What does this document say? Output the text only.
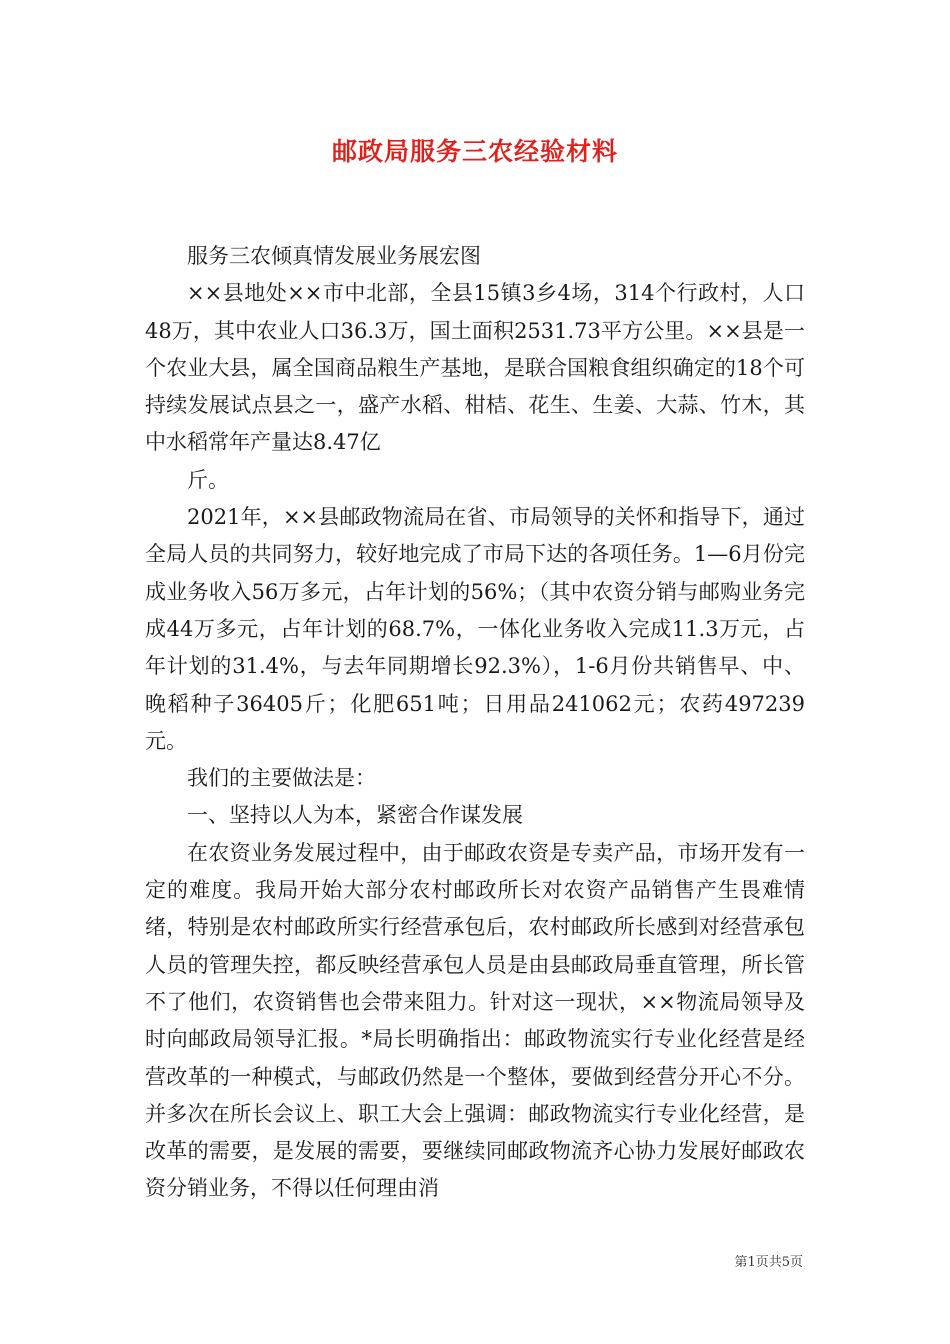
邮政局服务三农经验材料

服务三农倾真情发展业务展宏图

××县地处××市中北部，全县15镇3乡4场，314个行政村，人口48万，其中农业人口36.3万，国土面积2531.73平方公里。××县是一个农业大县，属全国商品粮生产基地，是联合国粮食组织确定的18个可持续发展试点县之一，盛产水稻、柑桔、花生、生姜、大蒜、竹木，其中水稻常年产量达8.47亿

斤。

2021年，××县邮政物流局在省、市局领导的关怀和指导下，通过全局人员的共同努力，较好地完成了市局下达的各项任务。1—6月份完成业务收入56万多元，占年计划的56%；（其中农资分销与邮购业务完成44万多元，占年计划的68.7%，一体化业务收入完成11.3万元，占年计划的31.4%，与去年同期增长92.3%），1-6月份共销售早、中、晚稻种子36405斤；化肥651吨；日用品241062元；农药497239元。

我们的主要做法是：

一、坚持以人为本，紧密合作谋发展

在农资业务发展过程中，由于邮政农资是专卖产品，市场开发有一定的难度。我局开始大部分农村邮政所长对农资产品销售产生畏难情绪，特别是农村邮政所实行经营承包后，农村邮政所长感到对经营承包人员的管理失控，都反映经营承包人员是由县邮政局垂直管理，所长管不了他们，农资销售也会带来阻力。针对这一现状，××物流局领导及时向邮政局领导汇报。*局长明确指出：邮政物流实行专业化经营是经营改革的一种模式，与邮政仍然是一个整体，要做到经营分开心不分。并多次在所长会议上、职工大会上强调：邮政物流实行专业化经营，是改革的需要，是发展的需要，要继续同邮政物流齐心协力发展好邮政农资分销业务，不得以任何理由消

第1页共5页
